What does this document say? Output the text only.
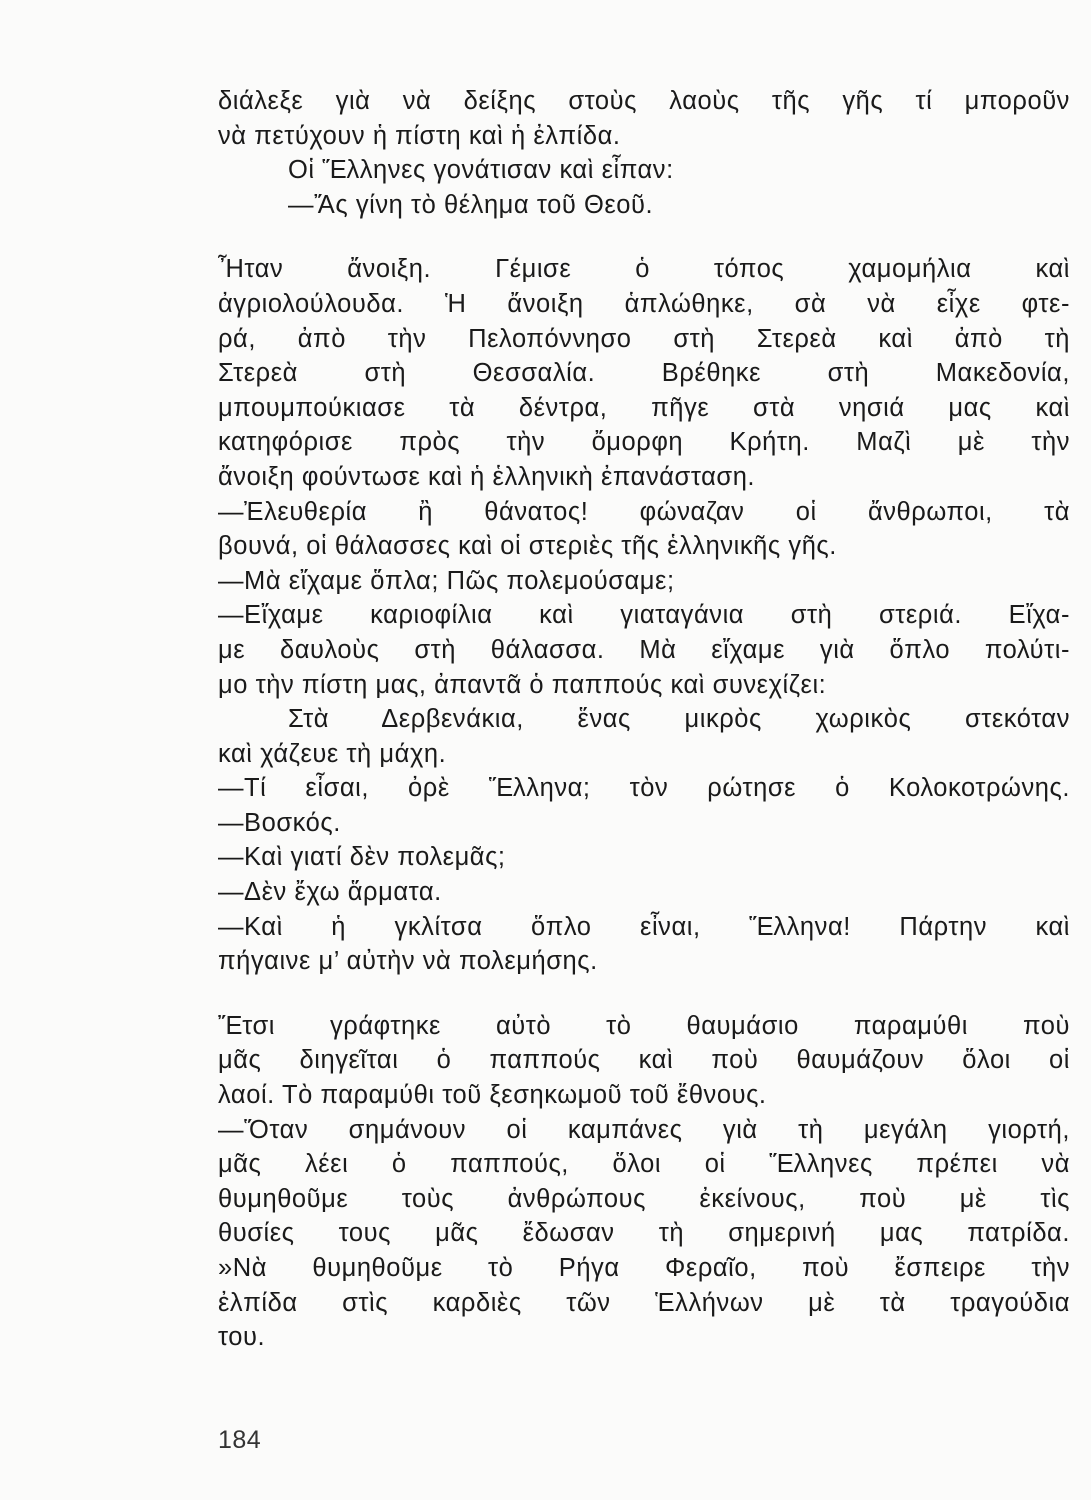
διάλεξε γιὰ νὰ δείξης στοὺς λαοὺς τῆς γῆς τί μποροῦν
νὰ πετύχουν ἡ πίστη καὶ ἡ ἐλπίδα.
Οἱ Ἕλληνες γονάτισαν καὶ εἶπαν:
—Ἄς γίνη τὸ θέλημα τοῦ Θεοῦ.
Ἦταν ἄνοιξη. Γέμισε ὁ τόπος χαμομήλια καὶ
ἀγριολούλουδα. Ἡ ἄνοιξη ἁπλώθηκε, σὰ νὰ εἶχε φτε-
ρά, ἀπὸ τὴν Πελοπόννησο στὴ Στερεὰ καὶ ἀπὸ τὴ
Στερεὰ στὴ Θεσσαλία. Βρέθηκε στὴ Μακεδονία,
μπουμπούκιασε τὰ δέντρα, πῆγε στὰ νησιά μας καὶ
κατηφόρισε πρὸς τὴν ὄμορφη Κρήτη. Μαζὶ μὲ τὴν
ἄνοιξη φούντωσε καὶ ἡ ἑλληνικὴ ἐπανάσταση.
—Ἐλευθερία ἢ θάνατος! φώναζαν οἱ ἄνθρωποι, τὰ
βουνά, οἱ θάλασσες καὶ οἱ στεριὲς τῆς ἑλληνικῆς γῆς.
—Μὰ εἴχαμε ὅπλα; Πῶς πολεμούσαμε;
—Εἴχαμε καριοφίλια καὶ γιαταγάνια στὴ στεριά. Εἴχα-
με δαυλοὺς στὴ θάλασσα. Μὰ εἴχαμε γιὰ ὅπλο πολύτι-
μο τὴν πίστη μας, ἀπαντᾶ ὁ παππούς καὶ συνεχίζει:
Στὰ Δερβενάκια, ἕνας μικρὸς χωρικὸς στεκόταν
καὶ χάζευε τὴ μάχη.
—Τί εἶσαι, ὀρὲ Ἕλληνα; τὸν ρώτησε ὁ Κολοκοτρώνης.
—Βοσκός.
—Καὶ γιατί δὲν πολεμᾶς;
—Δὲν ἔχω ἅρματα.
—Καὶ ἡ γκλίτσα ὅπλο εἶναι, Ἕλληνα! Πάρτην καὶ
πήγαινε μ’ αὐτὴν νὰ πολεμήσης.
Ἔτσι γράφτηκε αὐτὸ τὸ θαυμάσιο παραμύθι ποὺ
μᾶς διηγεῖται ὁ παππούς καὶ ποὺ θαυμάζουν ὅλοι οἱ
λαοί. Τὸ παραμύθι τοῦ ξεσηκωμοῦ τοῦ ἔθνους.
—Ὅταν σημάνουν οἱ καμπάνες γιὰ τὴ μεγάλη γιορτή,
μᾶς λέει ὁ παππούς, ὅλοι οἱ Ἕλληνες πρέπει νὰ
θυμηθοῦμε τοὺς ἀνθρώπους ἐκείνους, ποὺ μὲ τὶς
θυσίες τους μᾶς ἔδωσαν τὴ σημερινή μας πατρίδα.
»Νὰ θυμηθοῦμε τὸ Ρήγα Φεραῖο, ποὺ ἔσπειρε τὴν
ἐλπίδα στὶς καρδιὲς τῶν Ἑλλήνων μὲ τὰ τραγούδια
του.
184
